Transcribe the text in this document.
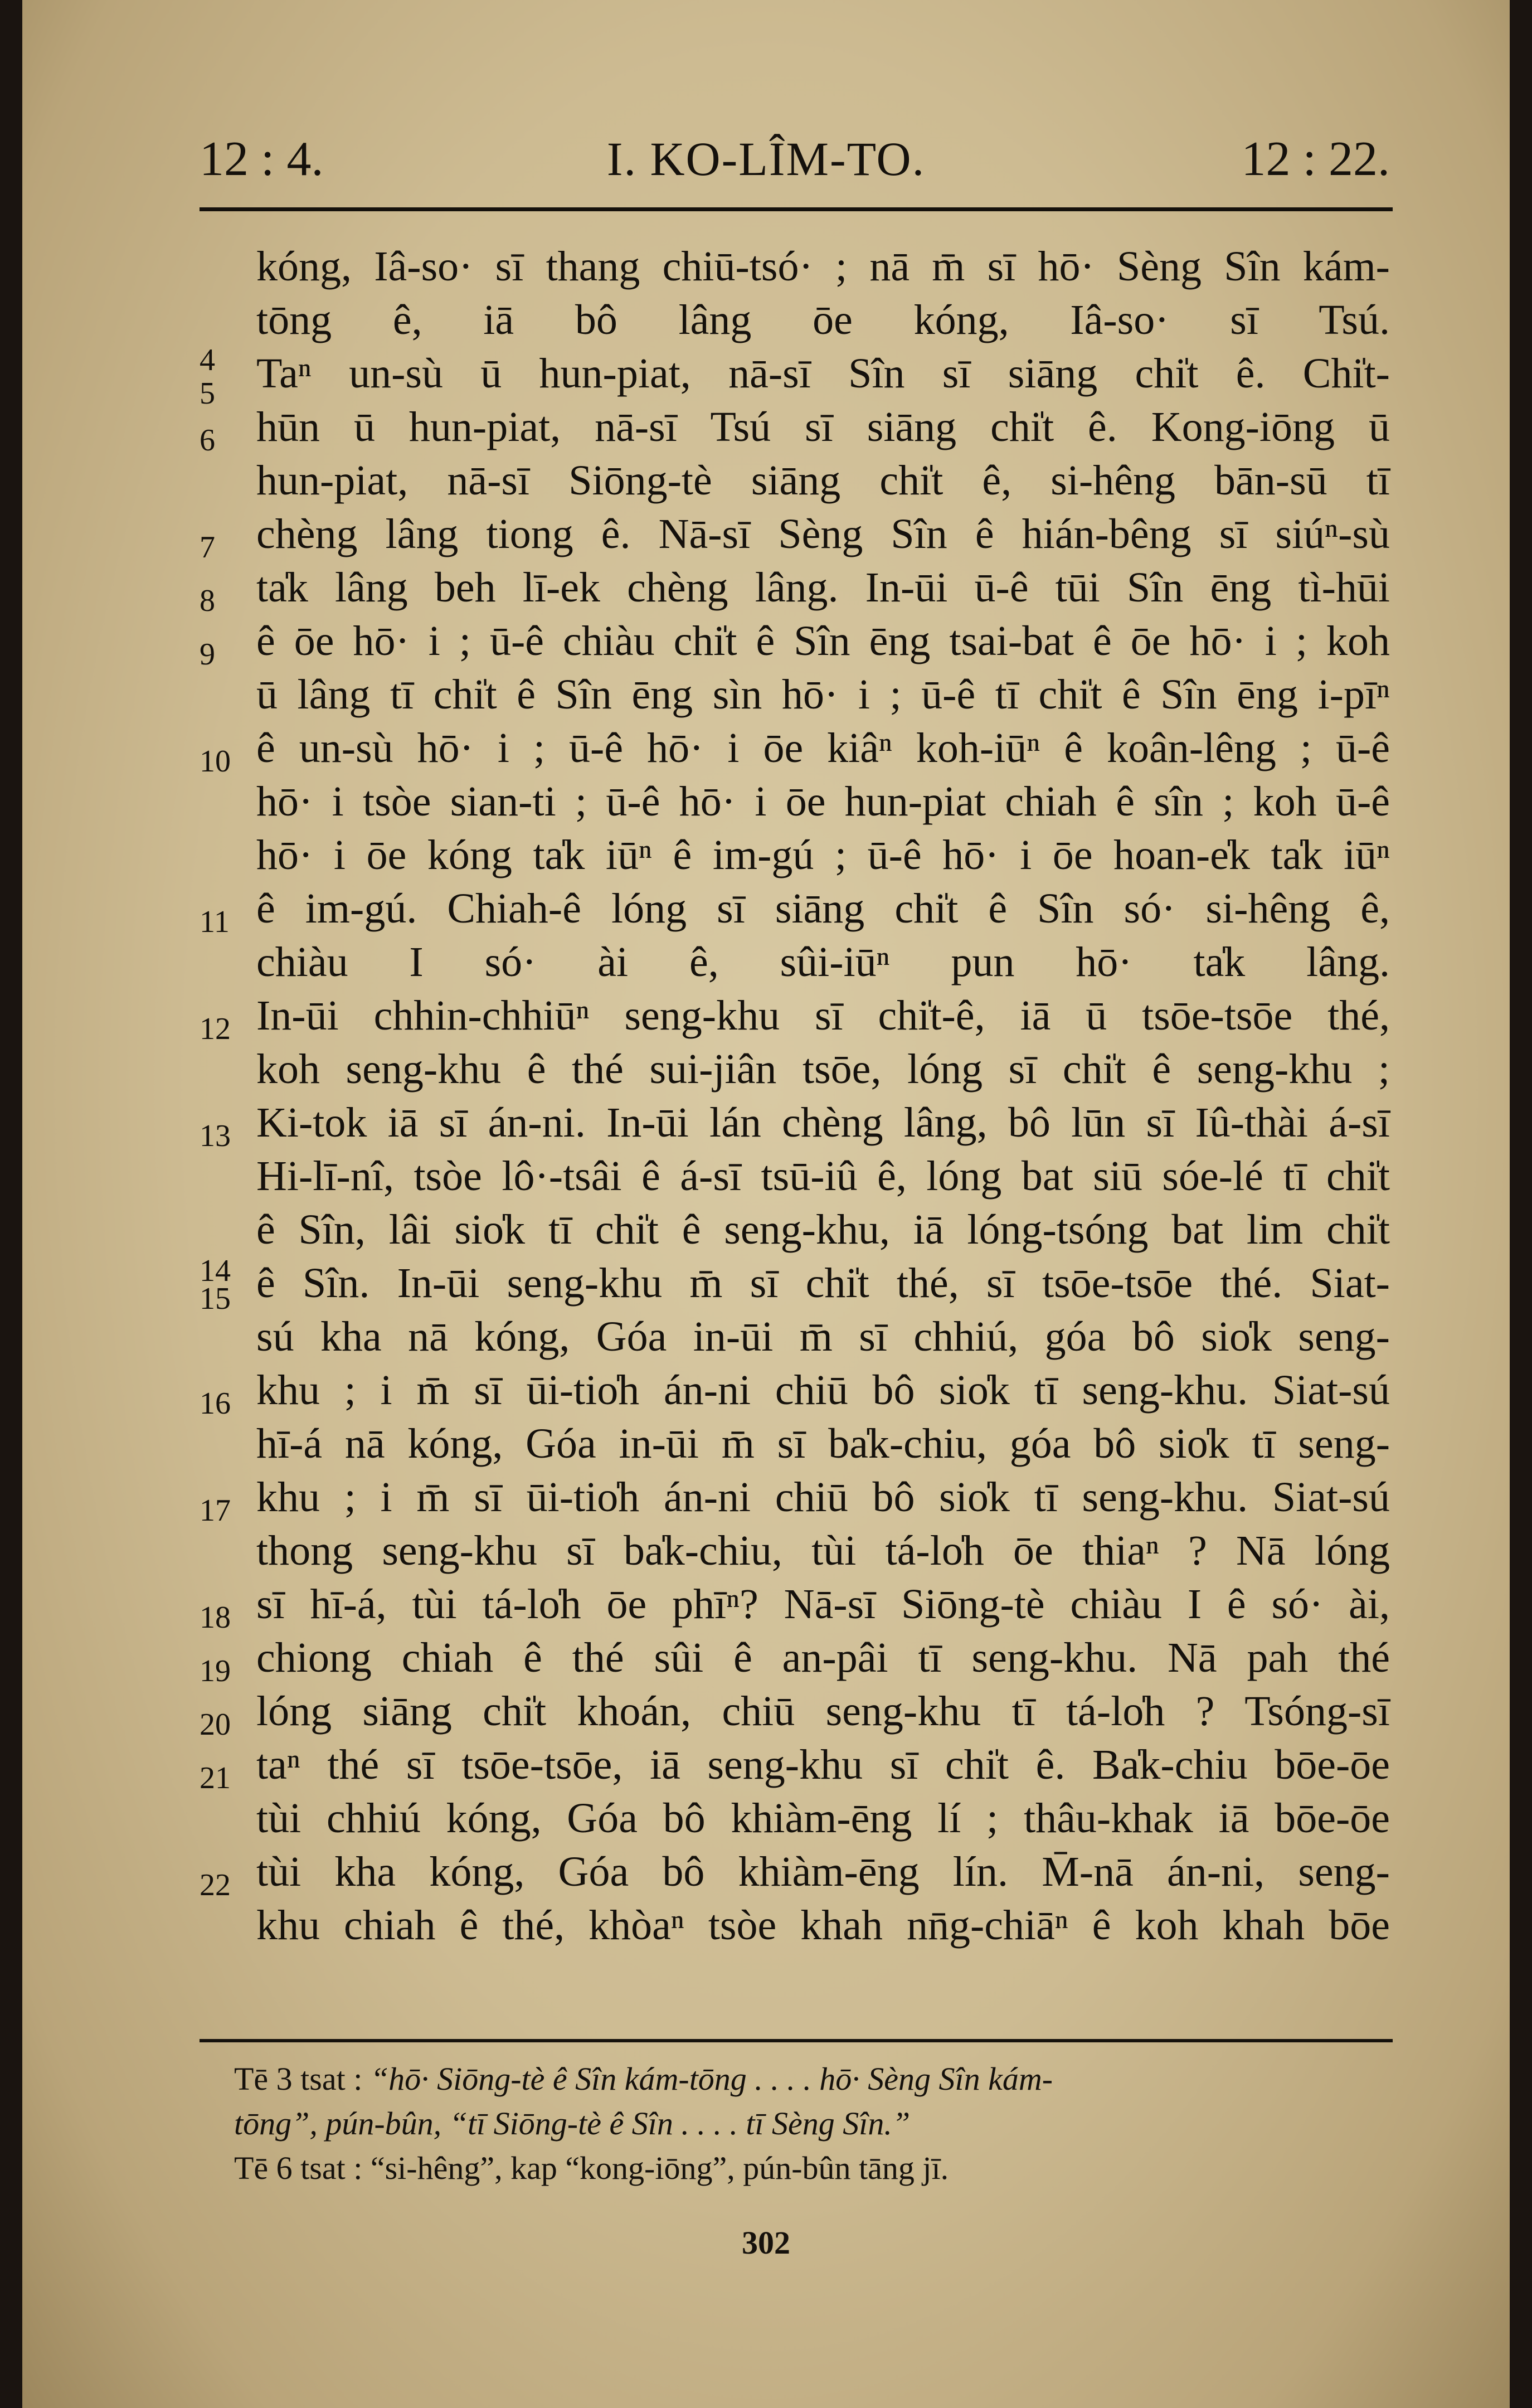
12 : 4.	I. KO-LÎM-TO.	12 : 22.
kóng, Iâ-so· sī thang chiū-tsó· ; nā m̄ sī hō· Sèng Sîn kám-
tōng ê, iā bô lâng ōe kóng, Iâ-so· sī Tsú.
Taⁿ un-sù ū hun-piat, nā-sī Sîn sī siāng chi̍t ê. Chi̍t-
hūn ū hun-piat, nā-sī Tsú sī siāng chi̍t ê. Kong-iōng ū
hun-piat, nā-sī Siōng-tè siāng chi̍t ê, si-hêng bān-sū tī
chèng lâng tiong ê. Nā-sī Sèng Sîn ê hián-bêng sī siúⁿ-sù
ta̍k lâng beh lī-ek chèng lâng. In-ūi ū-ê tūi Sîn ēng tì-hūi
ê ōe hō· i ; ū-ê chiàu chi̍t ê Sîn ēng tsai-bat ê ōe hō· i ; koh
ū lâng tī chi̍t ê Sîn ēng sìn hō· i ; ū-ê tī chi̍t ê Sîn ēng i-pīⁿ
ê un-sù hō· i ; ū-ê hō· i ōe kiâⁿ koh-iūⁿ ê koân-lêng ; ū-ê
hō· i tsòe sian-ti ; ū-ê hō· i ōe hun-piat chiah ê sîn ; koh ū-ê
hō· i ōe kóng ta̍k iūⁿ ê im-gú ; ū-ê hō· i ōe hoan-e̍k ta̍k iūⁿ
ê im-gú. Chiah-ê lóng sī siāng chi̍t ê Sîn só· si-hêng ê,
chiàu I só· ài ê, sûi-iūⁿ pun hō· ta̍k lâng.
In-ūi chhin-chhiūⁿ seng-khu sī chi̍t-ê, iā ū tsōe-tsōe thé,
koh seng-khu ê thé sui-jiân tsōe, lóng sī chi̍t ê seng-khu ;
Ki-tok iā sī án-ni. In-ūi lán chèng lâng, bô lūn sī Iû-thài á-sī
Hi-lī-nî, tsòe lô·-tsâi ê á-sī tsū-iû ê, lóng bat siū sóe-lé tī chi̍t
ê Sîn, lâi sio̍k tī chi̍t ê seng-khu, iā lóng-tsóng bat lim chi̍t
ê Sîn. In-ūi seng-khu m̄ sī chi̍t thé, sī tsōe-tsōe thé. Siat-
sú kha nā kóng, Góa in-ūi m̄ sī chhiú, góa bô sio̍k seng-
khu ; i m̄ sī ūi-tio̍h án-ni chiū bô sio̍k tī seng-khu. Siat-sú
hī-á nā kóng, Góa in-ūi m̄ sī ba̍k-chiu, góa bô sio̍k tī seng-
khu ; i m̄ sī ūi-tio̍h án-ni chiū bô sio̍k tī seng-khu. Siat-sú
thong seng-khu sī ba̍k-chiu, tùi tá-lo̍h ōe thiaⁿ ? Nā lóng
sī hī-á, tùi tá-lo̍h ōe phīⁿ? Nā-sī Siōng-tè chiàu I ê só· ài,
chiong chiah ê thé sûi ê an-pâi tī seng-khu. Nā pah thé
lóng siāng chi̍t khoán, chiū seng-khu tī tá-lo̍h ? Tsóng-sī
taⁿ thé sī tsōe-tsōe, iā seng-khu sī chi̍t ê. Ba̍k-chiu bōe-ōe
tùi chhiú kóng, Góa bô khiàm-ēng lí ; thâu-khak iā bōe-ōe
tùi kha kóng, Góa bô khiàm-ēng lín. M̄-nā án-ni, seng-
khu chiah ê thé, khòaⁿ tsòe khah nn̄g-chiāⁿ ê koh khah bōe
4
5
6
7
8
9
10
11
12
13
14
15
16
17
18
19
20
21
22
Tē 3 tsat : “hō· Siōng-tè ê Sîn kám-tōng . . . . hō· Sèng Sîn kám-
tōng”, pún-bûn, “tī Siōng-tè ê Sîn . . . . tī Sèng Sîn.”
Tē 6 tsat : “si-hêng”, kap “kong-iōng”, pún-bûn tāng jī.
302
